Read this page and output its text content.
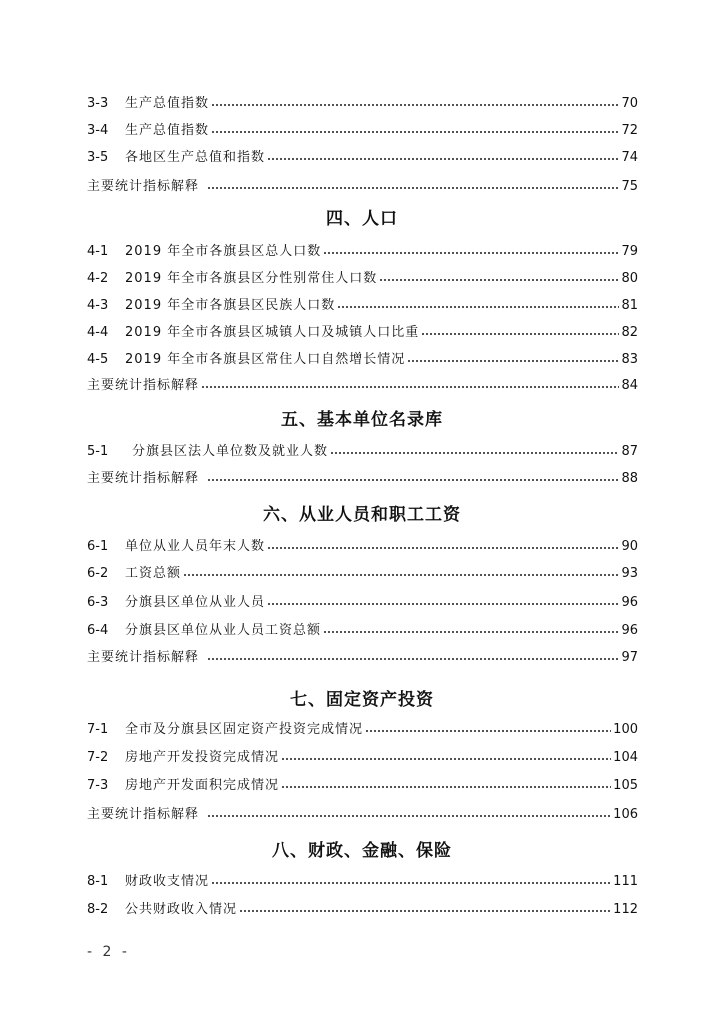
3-3	生产总值指数	70
3-4	生产总值指数	72
3-5	各地区生产总值和指数	74
主要统计指标解释	75
四、人口
4-1	2019 年全市各旗县区总人口数	79
4-2	2019 年全市各旗县区分性别常住人口数	80
4-3	2019 年全市各旗县区民族人口数	81
4-4	2019 年全市各旗县区城镇人口及城镇人口比重	82
4-5	2019 年全市各旗县区常住人口自然增长情况	83
主要统计指标解释	84
五、基本单位名录库
5-1	分旗县区法人单位数及就业人数	87
主要统计指标解释	88
六、从业人员和职工工资
6-1	单位从业人员年末人数	90
6-2	工资总额	93
6-3	分旗县区单位从业人员	96
6-4	分旗县区单位从业人员工资总额	96
主要统计指标解释	97
七、固定资产投资
7-1	全市及分旗县区固定资产投资完成情况	100
7-2	房地产开发投资完成情况	104
7-3	房地产开发面积完成情况	105
主要统计指标解释	106
八、财政、金融、保险
8-1	财政收支情况	111
8-2	公共财政收入情况	112
- 2 -
